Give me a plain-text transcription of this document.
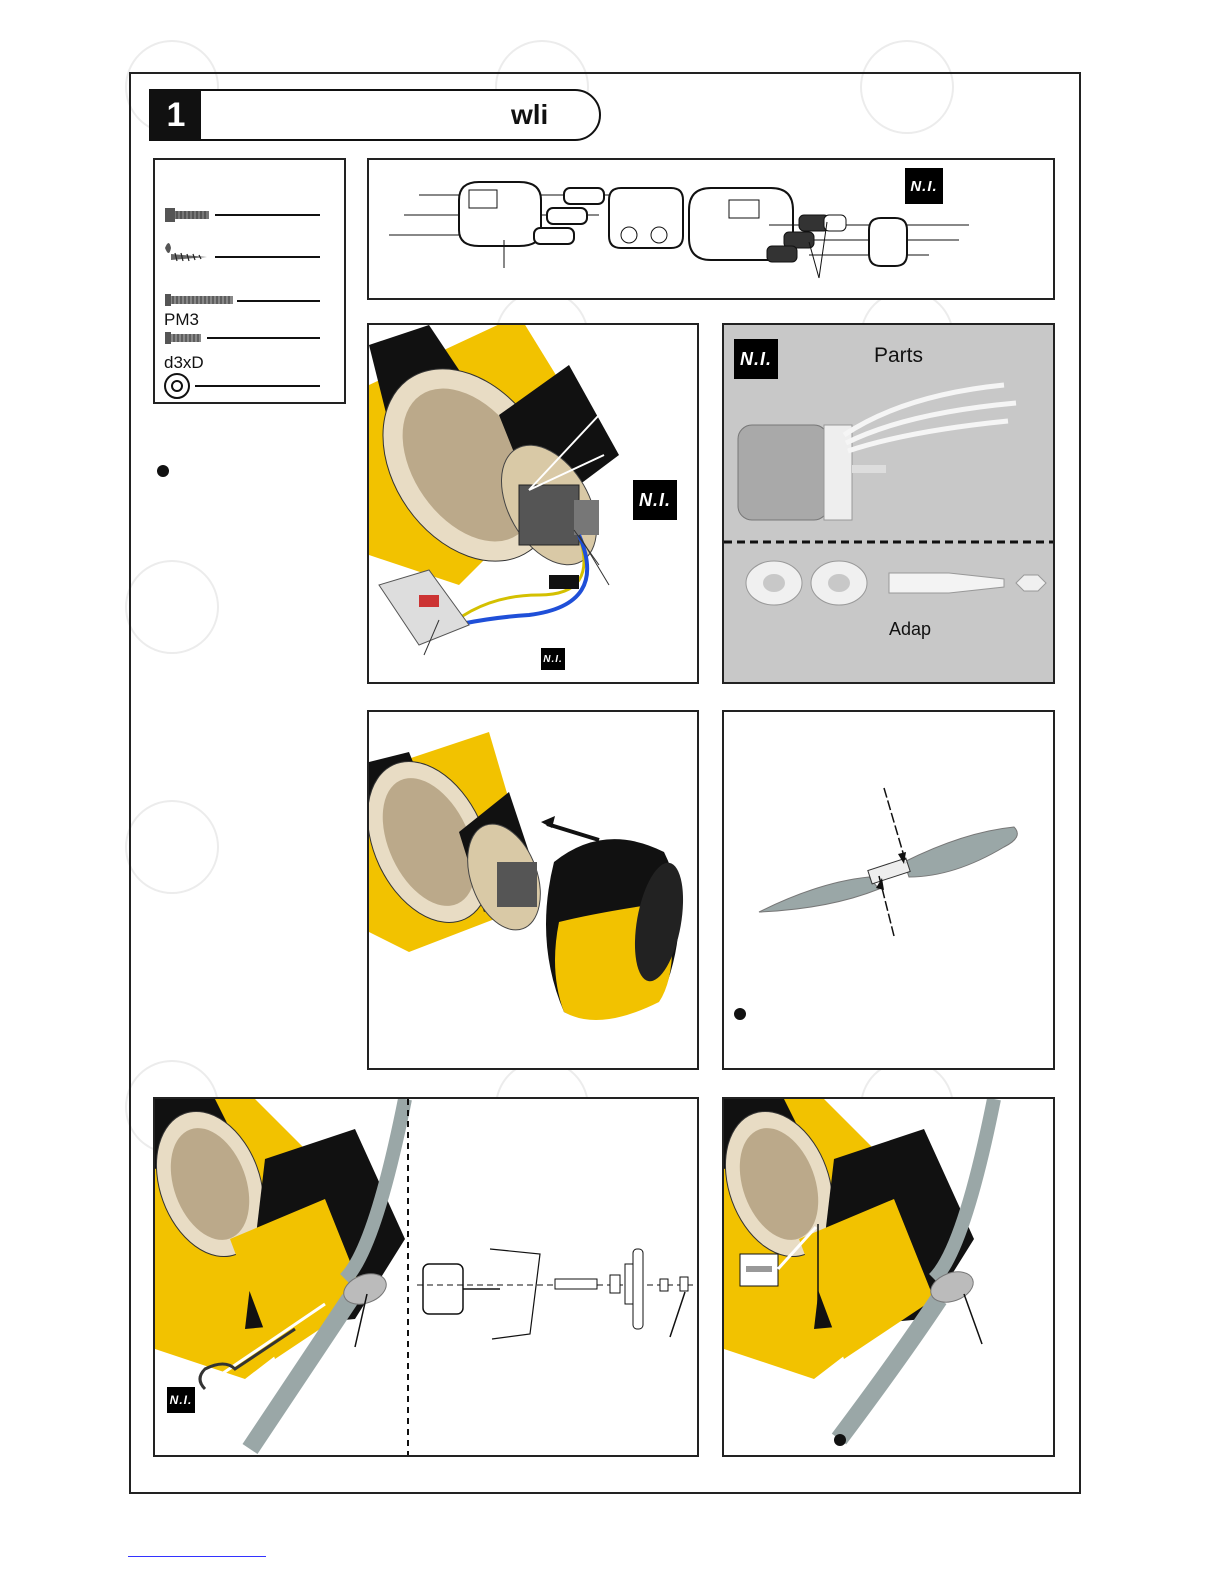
1	wli
PM3
d3xD
N.I.
N.I.
N.I.
N.I.	Parts
Adap
N.I.
